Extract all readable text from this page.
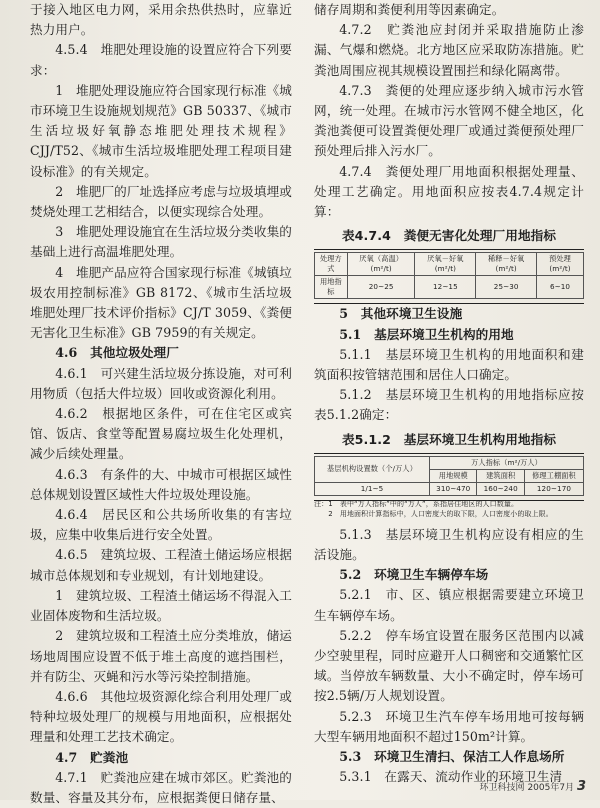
于接入地区电力网，采用余热供热时，应靠近热力用户。

4.5.4　堆肥处理设施的设置应符合下列要求：

1　堆肥处理设施应符合国家现行标准《城市环境卫生设施规划规范》GB 50337、《城市生活垃圾好氧静态堆肥处理技术规程》CJJ/T52、《城市生活垃圾堆肥处理工程项目建设标准》的有关规定。

2　堆肥厂的厂址选择应考虑与垃圾填埋或焚烧处理工艺相结合，以便实现综合处理。

3　堆肥处理设施宜在生活垃圾分类收集的基础上进行高温堆肥处理。

4　堆肥产品应符合国家现行标准《城镇垃圾农用控制标准》GB 8172、《城市生活垃圾堆肥处理厂技术评价指标》CJ/T 3059、《粪便无害化卫生标准》GB 7959的有关规定。

4.6　其他垃圾处理厂

4.6.1　可兴建生活垃圾分拣设施，对可利用物质（包括大件垃圾）回收或资源化利用。

4.6.2　根据地区条件，可在住宅区或宾馆、饭店、食堂等配置易腐垃圾生化处理机，减少后续处理量。

4.6.3　有条件的大、中城市可根据区域性总体规划设置区域性大件垃圾处理设施。

4.6.4　居民区和公共场所收集的有害垃圾，应集中收集后进行安全处置。

4.6.5　建筑垃圾、工程渣土储运场应根据城市总体规划和专业规划，有计划地建设。

1　建筑垃圾、工程渣土储运场不得混入工业固体废物和生活垃圾。

2　建筑垃圾和工程渣土应分类堆放，储运场地周围应设置不低于堆土高度的遮挡围栏，并有防尘、灭蝇和污水等污染控制措施。

4.6.6　其他垃圾资源化综合利用处理厂或特种垃圾处理厂的规模与用地面积，应根据处理量和处理工艺技术确定。

4.7　贮粪池

4.7.1　贮粪池应建在城市郊区。贮粪池的数量、容量及其分布，应根据粪便日储存量、

储存周期和粪便利用等因素确定。

4.7.2　贮粪池应封闭并采取措施防止渗漏、气爆和燃烧。北方地区应采取防冻措施。贮粪池周围应视其规模设置围拦和绿化隔离带。

4.7.3　粪便的处理应逐步纳入城市污水管网，统一处理。在城市污水管网不健全地区，化粪池粪便可设置粪便处理厂或通过粪便预处理厂预处理后排入污水厂。

4.7.4　粪便处理厂用地面积根据处理量、处理工艺确定。用地面积应按表4.7.4规定计算：

表4.7.4　粪便无害化处理厂用地指标
处理方式	厌氧（高温）(m²/t)	厌氧－好氧(m²/t)	稀释－好氧(m²/t)	预处理(m²/t)
用地指标	20~25	12~15	25~30	6~10

5　其他环境卫生设施

5.1　基层环境卫生机构的用地

5.1.1　基层环境卫生机构的用地面积和建筑面积按管辖范围和居住人口确定。

5.1.2　基层环境卫生机构的用地指标应按表5.1.2确定：

表5.1.2　基层环境卫生机构用地指标
基层机构设置数（个/万人）	万人指标（m²/万人）		
	用地规模	建筑面积	修理工棚面积
1/1~5	310~470	160~240	120~170
注：1　表中“万人指标”中的“万人”，系指居住地区的人口数量。
　　2　用地面积计算指标中，人口密度大的取下限，人口密度小的取上限。

5.1.3　基层环境卫生机构应设有相应的生活设施。

5.2　环境卫生车辆停车场

5.2.1　市、区、镇应根据需要建立环境卫生车辆停车场。

5.2.2　停车场宜设置在服务区范围内以减少空驶里程，同时应避开人口稠密和交通繁忙区域。当停放车辆数量、大小不确定时，停车场可按2.5辆/万人规划设置。

5.2.3　环境卫生汽车停车场用地可按每辆大型车辆用地面积不超过150m²计算。

5.3　环境卫生清扫、保洁工人作息场所

5.3.1　在露天、流动作业的环境卫生清

环卫科技网 2005年7月 3
